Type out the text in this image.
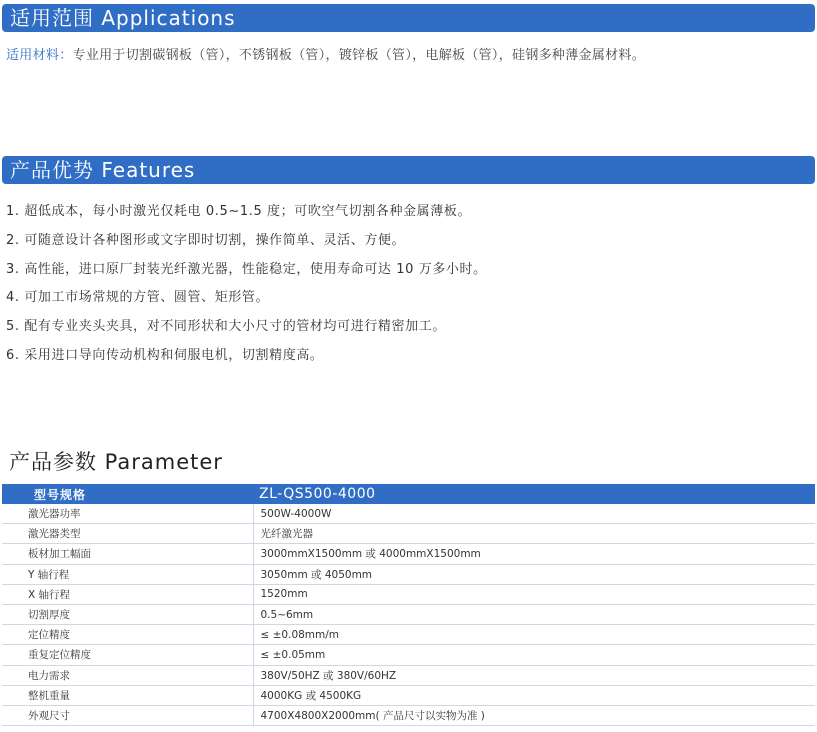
适用范围 Applications
适用材料：专业用于切割碳钢板（管），不锈钢板（管），镀锌板（管），电解板（管），硅钢多种薄金属材料。
产品优势 Features
1. 超低成本，每小时激光仅耗电 0.5~1.5 度；可吹空气切割各种金属薄板。
2. 可随意设计各种图形或文字即时切割，操作简单、灵活、方便。
3. 高性能，进口原厂封装光纤激光器，性能稳定，使用寿命可达 10 万多小时。
4. 可加工市场常规的方管、圆管、矩形管。
5. 配有专业夹头夹具，对不同形状和大小尺寸的管材均可进行精密加工。
6. 采用进口导向传动机构和伺服电机，切割精度高。
产品参数 Parameter
型号规格	ZL-QS500-4000
激光器功率	500W-4000W
激光器类型	光纤激光器
板材加工幅面	3000mmX1500mm 或 4000mmX1500mm
Y 轴行程	3050mm 或 4050mm
X 轴行程	1520mm
切割厚度	0.5~6mm
定位精度	≤ ±0.08mm/m
重复定位精度	≤ ±0.05mm
电力需求	380V/50HZ 或 380V/60HZ
整机重量	4000KG 或 4500KG
外观尺寸	4700X4800X2000mm( 产品尺寸以实物为准 )
